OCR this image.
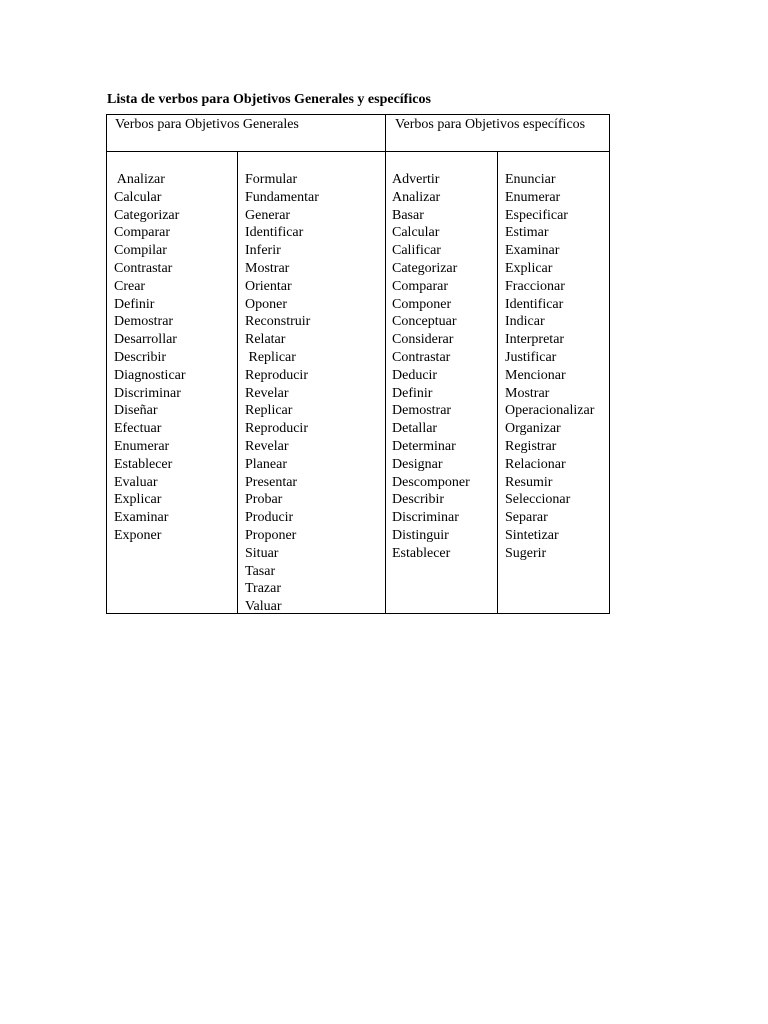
Lista de verbos para Objetivos Generales y específicos
Verbos para Objetivos Generales	Verbos para Objetivos específicos
Analizar
Calcular
Categorizar
Comparar
Compilar
Contrastar
Crear
Definir
Demostrar
Desarrollar
Describir
Diagnosticar
Discriminar
Diseñar
Efectuar
Enumerar
Establecer
Evaluar
Explicar
Examinar
Exponer
Formular
Fundamentar
Generar
Identificar
Inferir
Mostrar
Orientar
Oponer
Reconstruir
Relatar
Replicar
Reproducir
Revelar
Replicar
Reproducir
Revelar
Planear
Presentar
Probar
Producir
Proponer
Situar
Tasar
Trazar
Valuar
Advertir
Analizar
Basar
Calcular
Calificar
Categorizar
Comparar
Componer
Conceptuar
Considerar
Contrastar
Deducir
Definir
Demostrar
Detallar
Determinar
Designar
Descomponer
Describir
Discriminar
Distinguir
Establecer
Enunciar
Enumerar
Especificar
Estimar
Examinar
Explicar
Fraccionar
Identificar
Indicar
Interpretar
Justificar
Mencionar
Mostrar
Operacionalizar
Organizar
Registrar
Relacionar
Resumir
Seleccionar
Separar
Sintetizar
Sugerir
